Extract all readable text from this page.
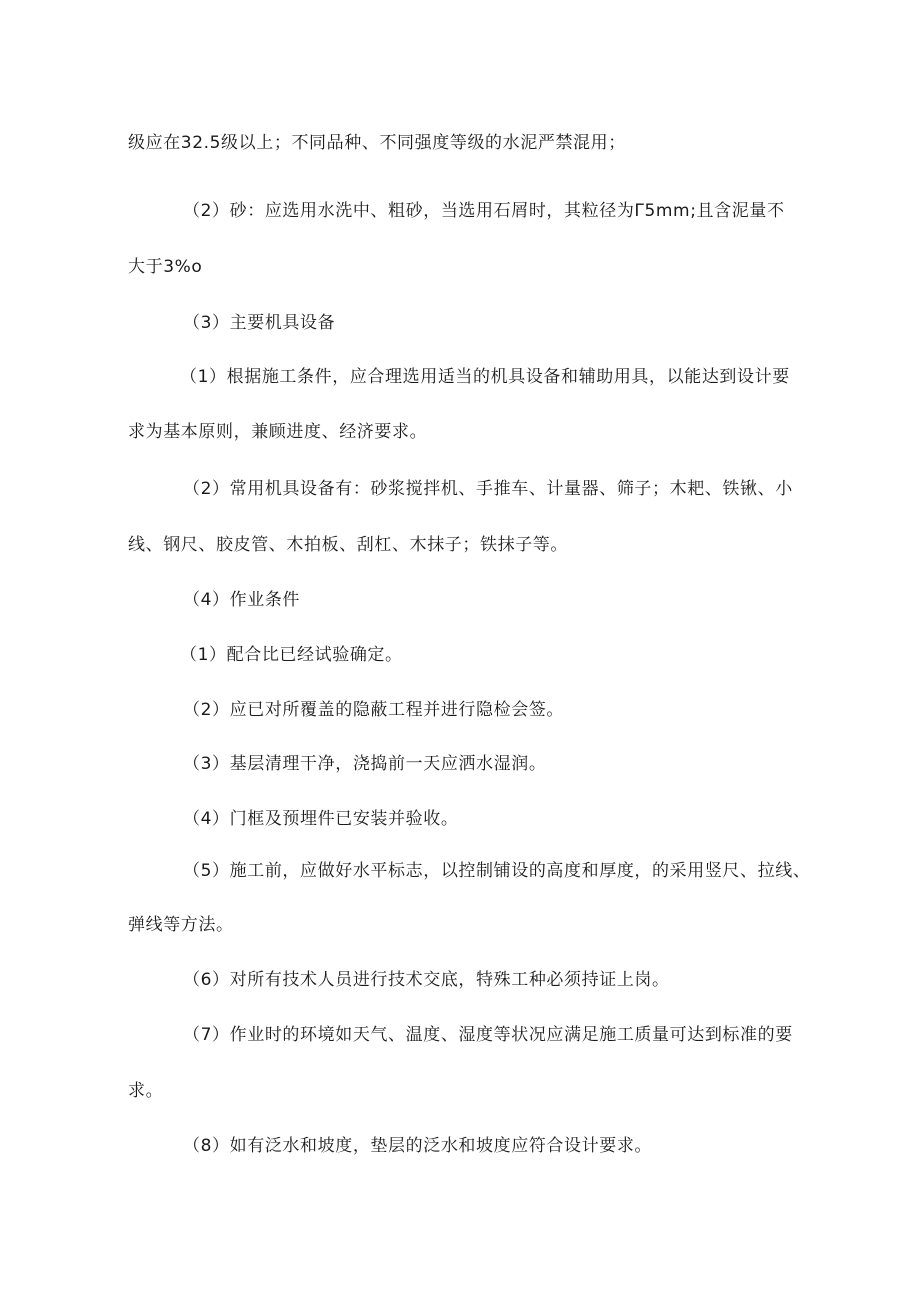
级应在32.5级以上；不同品种、不同强度等级的水泥严禁混用；
（2）砂：应选用水洗中、粗砂，当选用石屑时，其粒径为Γ5mm;且含泥量不
大于3%o
（3）主要机具设备
（1）根据施工条件，应合理选用适当的机具设备和辅助用具，以能达到设计要
求为基本原则，兼顾进度、经济要求。
（2）常用机具设备有：砂浆搅拌机、手推车、计量器、筛子；木耙、铁锹、小
线、钢尺、胶皮管、木拍板、刮杠、木抹子；铁抹子等。
（4）作业条件
（1）配合比已经试验确定。
（2）应已对所覆盖的隐蔽工程并进行隐检会签。
（3）基层清理干净，浇捣前一天应洒水湿润。
（4）门框及预埋件已安装并验收。
（5）施工前，应做好水平标志，以控制铺设的高度和厚度，的采用竖尺、拉线、
弹线等方法。
（6）对所有技术人员进行技术交底，特殊工种必须持证上岗。
（7）作业时的环境如天气、温度、湿度等状况应满足施工质量可达到标准的要
求。
（8）如有泛水和坡度，垫层的泛水和坡度应符合设计要求。
